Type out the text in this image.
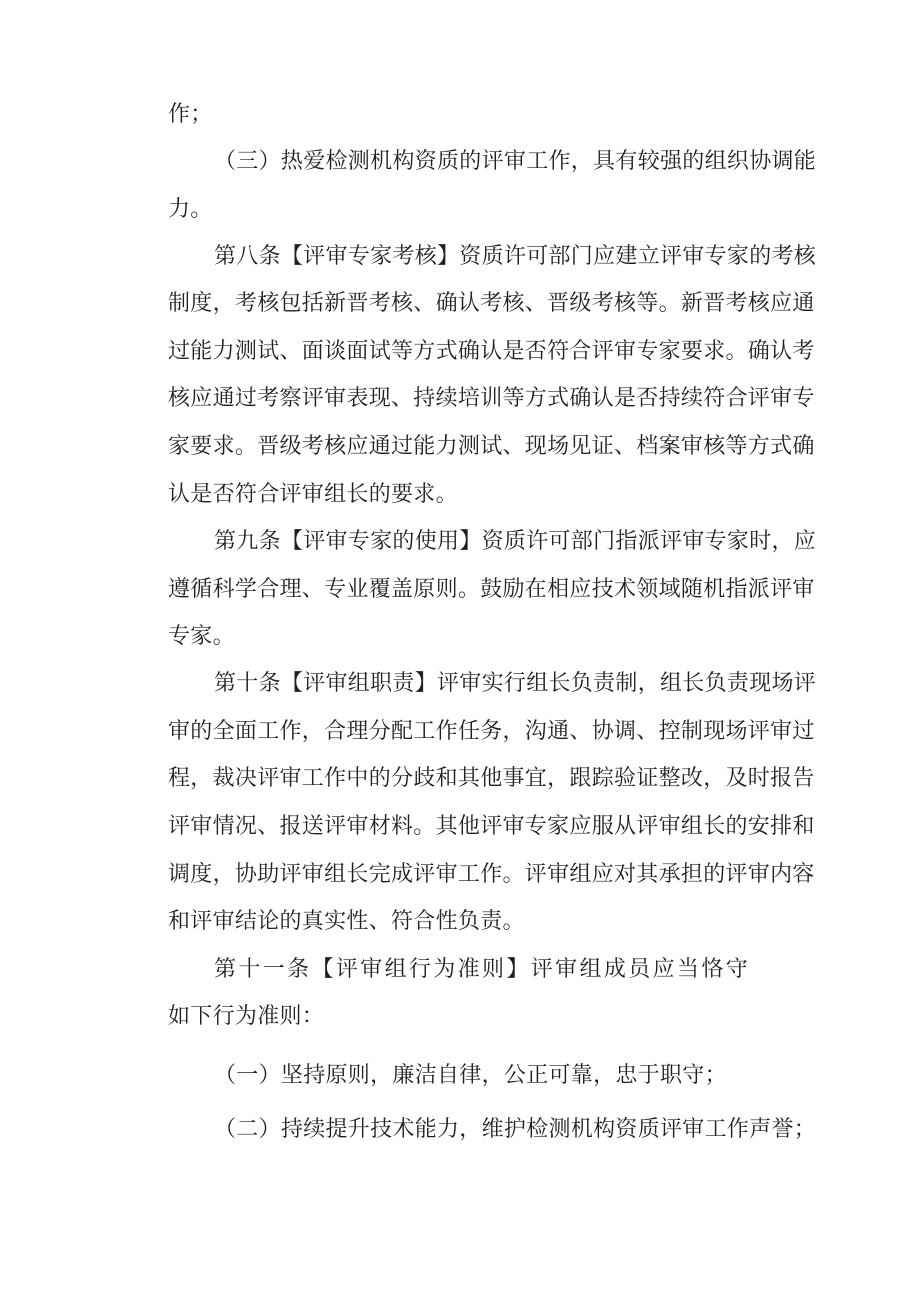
作；
（三）热爱检测机构资质的评审工作，具有较强的组织协调能
力。
第八条【评审专家考核】资质许可部门应建立评审专家的考核
制度，考核包括新晋考核、确认考核、晋级考核等。新晋考核应通
过能力测试、面谈面试等方式确认是否符合评审专家要求。确认考
核应通过考察评审表现、持续培训等方式确认是否持续符合评审专
家要求。晋级考核应通过能力测试、现场见证、档案审核等方式确
认是否符合评审组长的要求。
第九条【评审专家的使用】资质许可部门指派评审专家时，应
遵循科学合理、专业覆盖原则。鼓励在相应技术领域随机指派评审
专家。
第十条【评审组职责】评审实行组长负责制，组长负责现场评
审的全面工作，合理分配工作任务，沟通、协调、控制现场评审过
程，裁决评审工作中的分歧和其他事宜，跟踪验证整改，及时报告
评审情况、报送评审材料。其他评审专家应服从评审组长的安排和
调度，协助评审组长完成评审工作。评审组应对其承担的评审内容
和评审结论的真实性、符合性负责。
第十一条【评审组行为准则】评审组成员应当恪守
如下行为准则：
（一）坚持原则，廉洁自律，公正可靠，忠于职守；
（二）持续提升技术能力，维护检测机构资质评审工作声誉；
